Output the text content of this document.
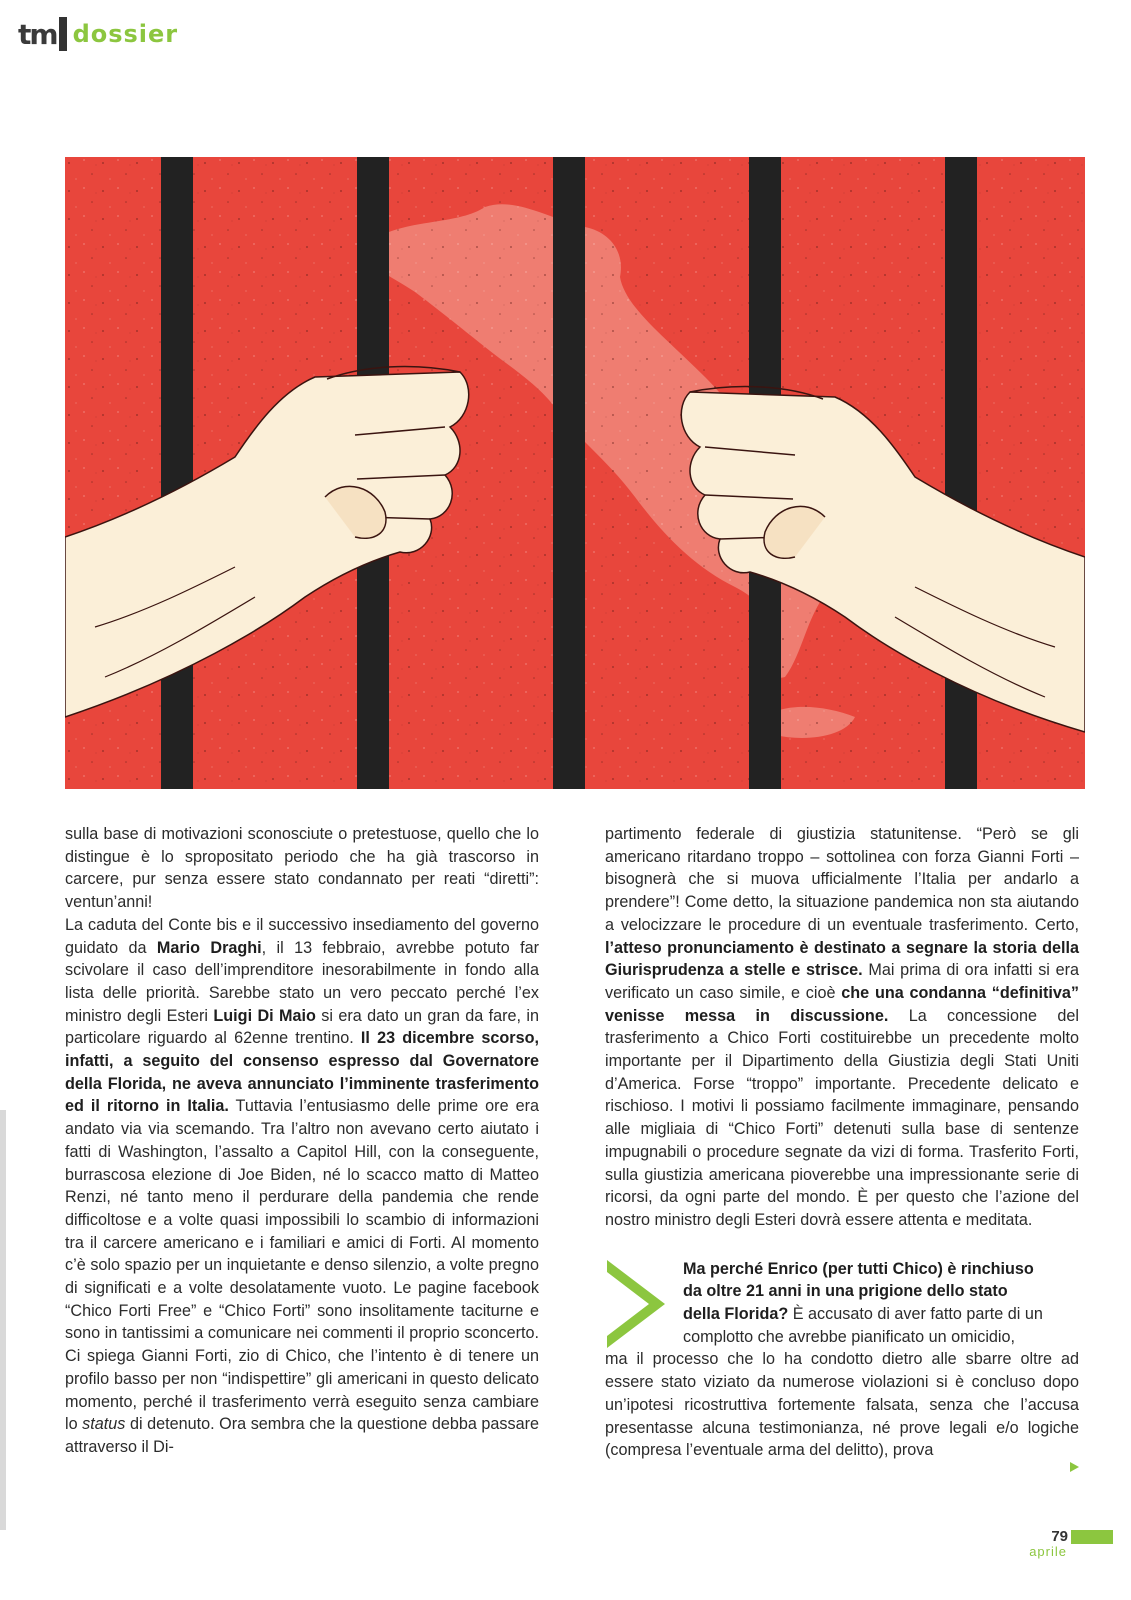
tm dossier

sulla base di motivazioni sconosciute o pretestuose, quello che lo distingue è lo spropositato periodo che ha già trascorso in carcere, pur senza essere stato condannato per reati “diretti”: ventun’anni!

La caduta del Conte bis e il successivo insediamento del governo guidato da Mario Draghi, il 13 febbraio, avrebbe potuto far scivolare il caso dell’imprenditore inesorabilmente in fondo alla lista delle priorità. Sarebbe stato un vero peccato perché l’ex ministro degli Esteri Luigi Di Maio si era dato un gran da fare, in particolare riguardo al 62enne trentino. Il 23 dicembre scorso, infatti, a seguito del consenso espresso dal Governatore della Florida, ne aveva annunciato l’imminente trasferimento ed il ritorno in Italia. Tuttavia l’entusiasmo delle prime ore era andato via via scemando. Tra l’altro non avevano certo aiutato i fatti di Washington, l’assalto a Capitol Hill, con la conseguente, burrascosa elezione di Joe Biden, né lo scacco matto di Matteo Renzi, né tanto meno il perdurare della pandemia che rende difficoltose e a volte quasi impossibili lo scambio di informazioni tra il carcere americano e i familiari e amici di Forti. Al momento c’è solo spazio per un inquietante e denso silenzio, a volte pregno di significati e a volte desolatamente vuoto. Le pagine facebook “Chico Forti Free” e “Chico Forti” sono insolitamente taciturne e sono in tantissimi a comunicare nei commenti il proprio sconcerto. Ci spiega Gianni Forti, zio di Chico, che l’intento è di tenere un profilo basso per non “indispettire” gli americani in questo delicato momento, perché il trasferimento verrà eseguito senza cambiare lo status di detenuto. Ora sembra che la questione debba passare attraverso il Di-

partimento federale di giustizia statunitense. “Però se gli americano ritardano troppo – sottolinea con forza Gianni Forti – bisognerà che si muova ufficialmente l’Italia per andarlo a prendere”! Come detto, la situazione pandemica non sta aiutando a velocizzare le procedure di un eventuale trasferimento. Certo, l’atteso pronunciamento è destinato a segnare la storia della Giurisprudenza a stelle e strisce. Mai prima di ora infatti si era verificato un caso simile, e cioè che una condanna “definitiva” venisse messa in discussione. La concessione del trasferimento a Chico Forti costituirebbe un precedente molto importante per il Dipartimento della Giustizia degli Stati Uniti d’America. Forse “troppo” importante. Precedente delicato e rischioso. I motivi li possiamo facilmente immaginare, pensando alle migliaia di “Chico Forti” detenuti sulla base di sentenze impugnabili o procedure segnate da vizi di forma. Trasferito Forti, sulla giustizia americana pioverebbe una impressionante serie di ricorsi, da ogni parte del mondo. È per questo che l’azione del nostro ministro degli Esteri dovrà essere attenta e meditata.

Ma perché Enrico (per tutti Chico) è rinchiuso
da oltre 21 anni in una prigione dello stato
della Florida? È accusato di aver fatto parte di un
complotto che avrebbe pianificato un omicidio,

ma il processo che lo ha condotto dietro alle sbarre oltre ad essere stato viziato da numerose violazioni si è concluso dopo un’ipotesi ricostruttiva fortemente falsata, senza che l’accusa presentasse alcuna testimonianza, né prove legali e/o logiche (compresa l’eventuale arma del delitto), prova

79
aprile
